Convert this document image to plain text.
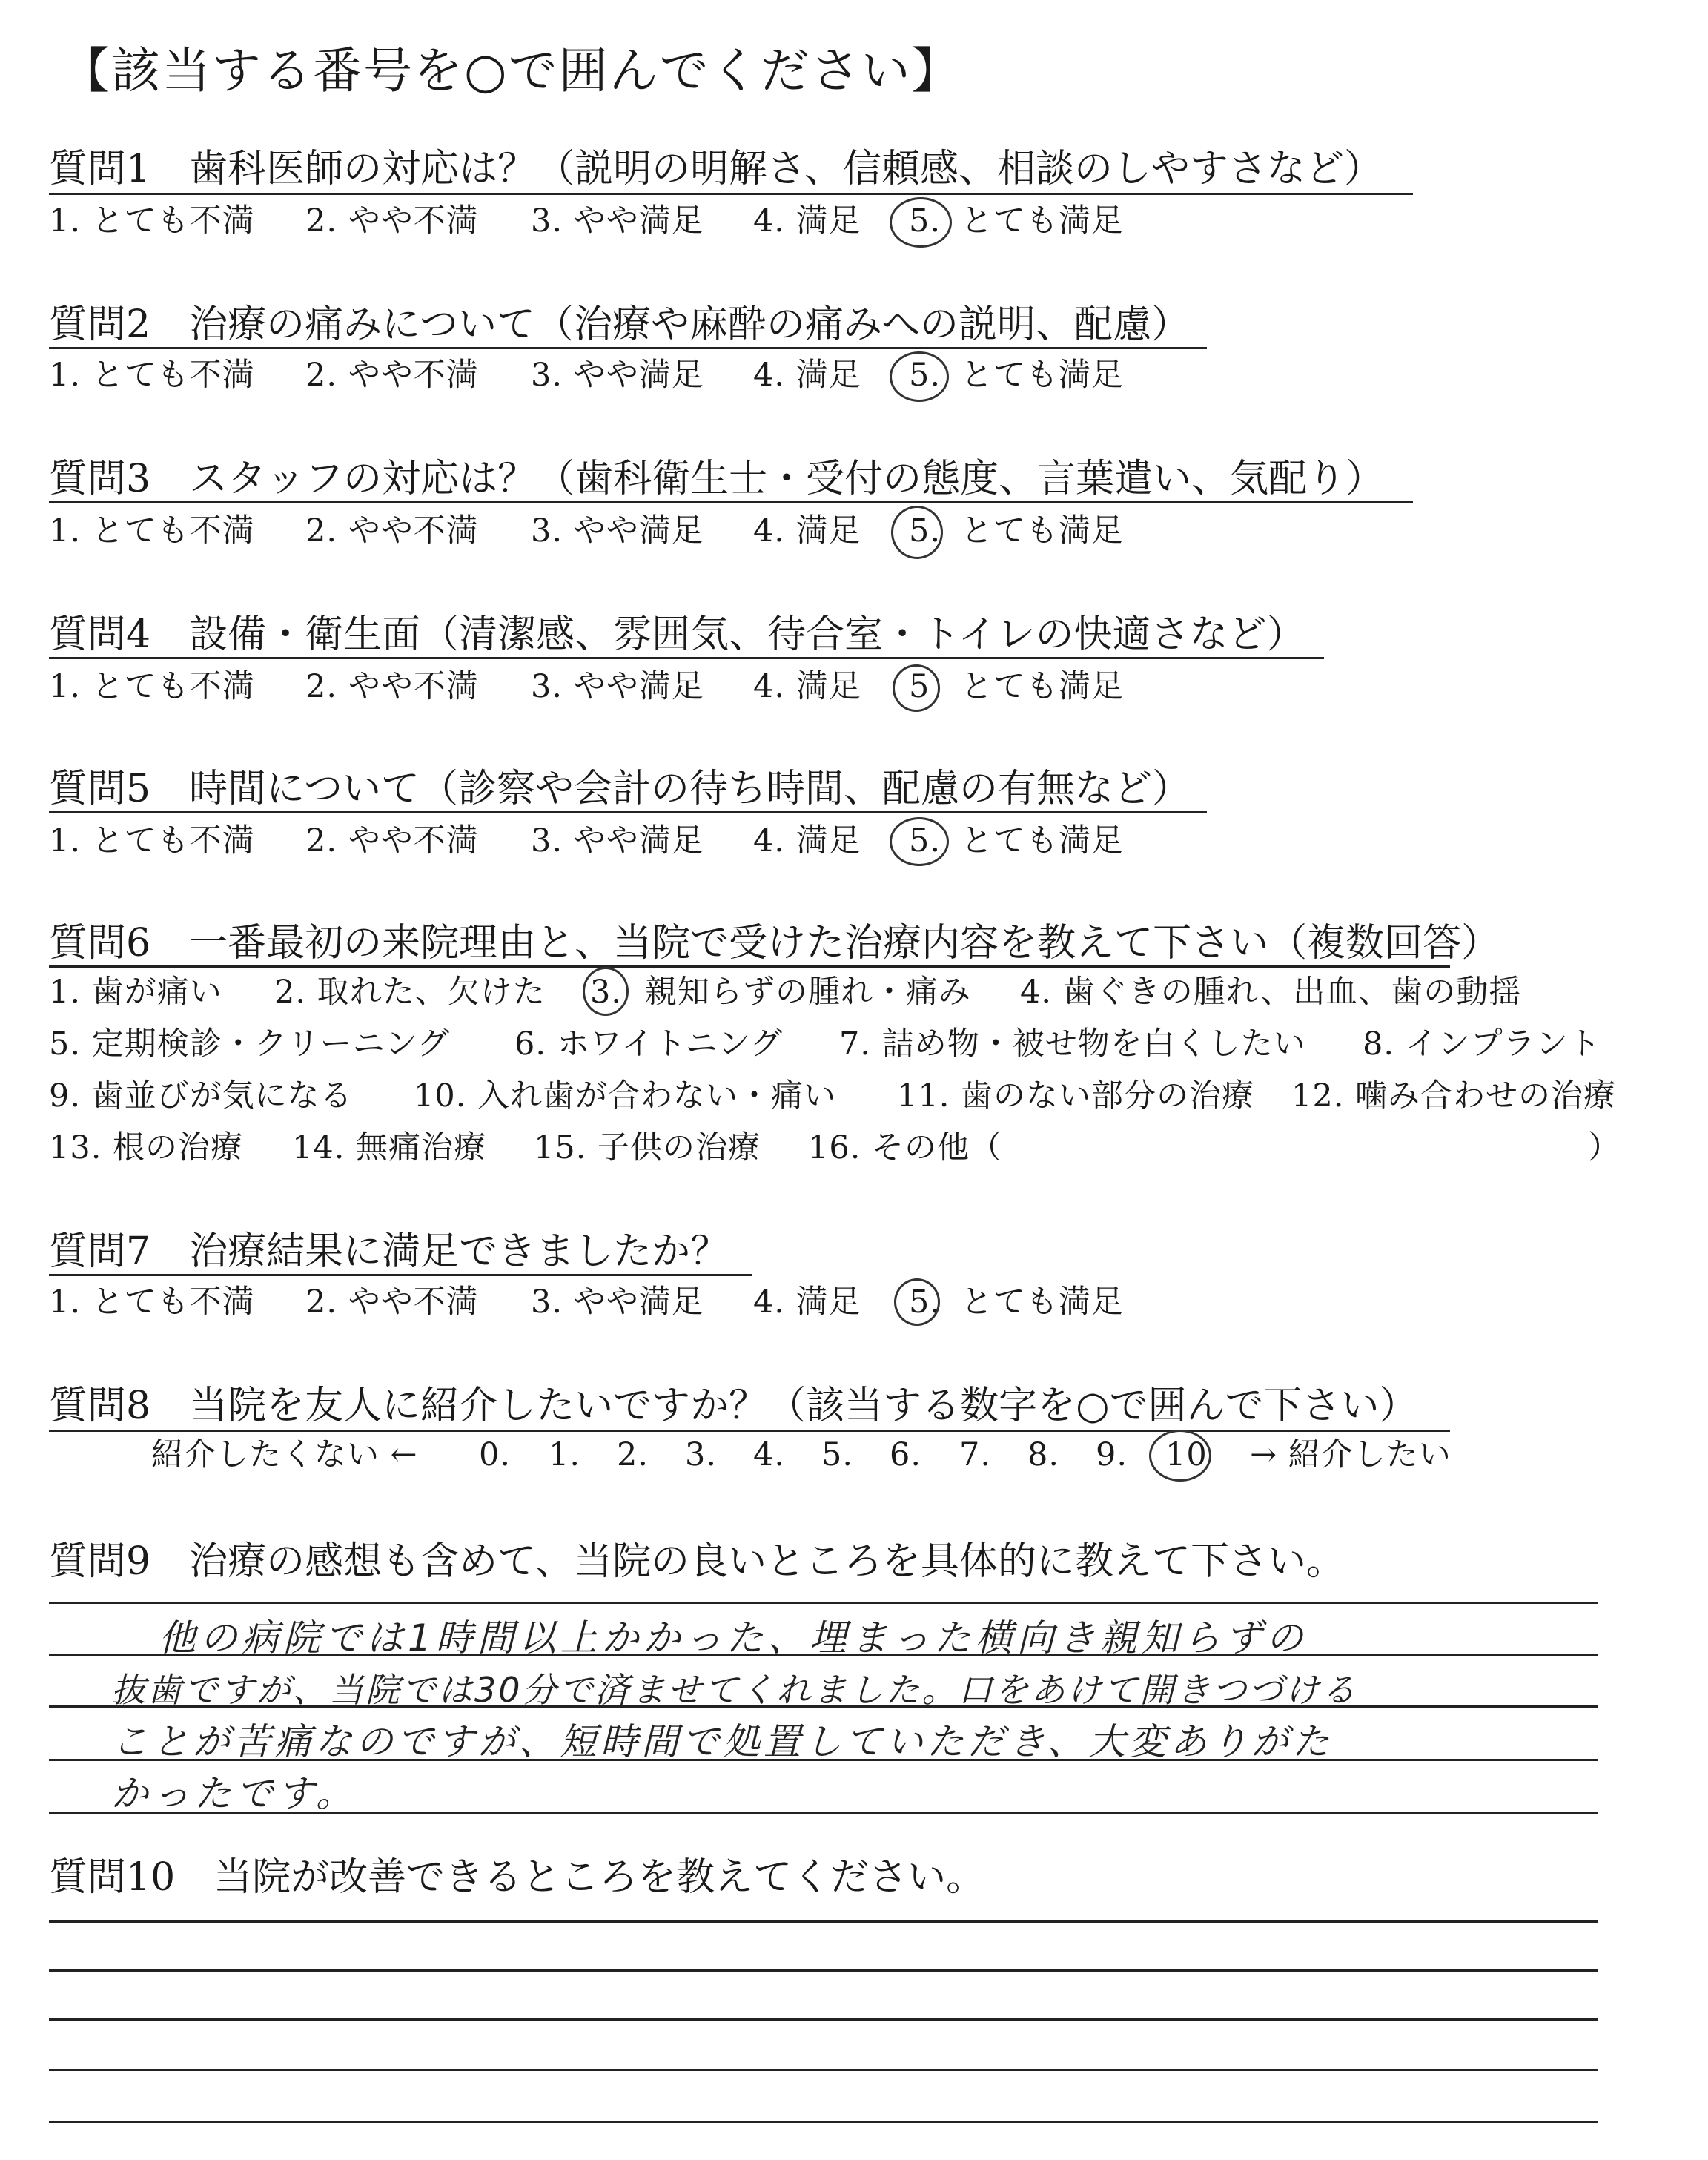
【該当する番号を○で囲んでください】
質問1　歯科医師の対応は？（説明の明解さ、信頼感、相談のしやすさなど）
1. とても不満 2. やや不満 3. やや満足 4. 満足 5. とても満足
質問2　治療の痛みについて（治療や麻酔の痛みへの説明、配慮）
1. とても不満 2. やや不満 3. やや満足 4. 満足 5. とても満足
質問3　スタッフの対応は？（歯科衛生士・受付の態度、言葉遣い、気配り）
1. とても不満 2. やや不満 3. やや満足 4. 満足 5. とても満足
質問4　設備・衛生面（清潔感、雰囲気、待合室・トイレの快適さなど）
1. とても不満 2. やや不満 3. やや満足 4. 満足 5 とても満足
質問5　時間について（診察や会計の待ち時間、配慮の有無など）
1. とても不満 2. やや不満 3. やや満足 4. 満足 5. とても満足
質問6　一番最初の来院理由と、当院で受けた治療内容を教えて下さい（複数回答）
1. 歯が痛い 2. 取れた、欠けた 3. 親知らずの腫れ・痛み 4. 歯ぐきの腫れ、出血、歯の動揺
5. 定期検診・クリーニング 6. ホワイトニング 7. 詰め物・被せ物を白くしたい 8. インプラント
9. 歯並びが気になる 10. 入れ歯が合わない・痛い 11. 歯のない部分の治療 12. 噛み合わせの治療
13. 根の治療 14. 無痛治療 15. 子供の治療 16. その他（	）
質問7　治療結果に満足できましたか？
1. とても不満 2. やや不満 3. やや満足 4. 満足 5. とても満足
質問8　当院を友人に紹介したいですか？（該当する数字を○で囲んで下さい）
紹介したくない ← 0. 1. 2. 3. 4. 5. 6. 7. 8. 9. 10 → 紹介したい
質問9　治療の感想も含めて、当院の良いところを具体的に教えて下さい。
他の病院では1時間以上かかった、埋まった横向き親知らずの
抜歯ですが、当院では30分で済ませてくれました。口をあけて開きつづける
ことが苦痛なのですが、短時間で処置していただき、大変ありがた
かったです。
質問10　当院が改善できるところを教えてください。
